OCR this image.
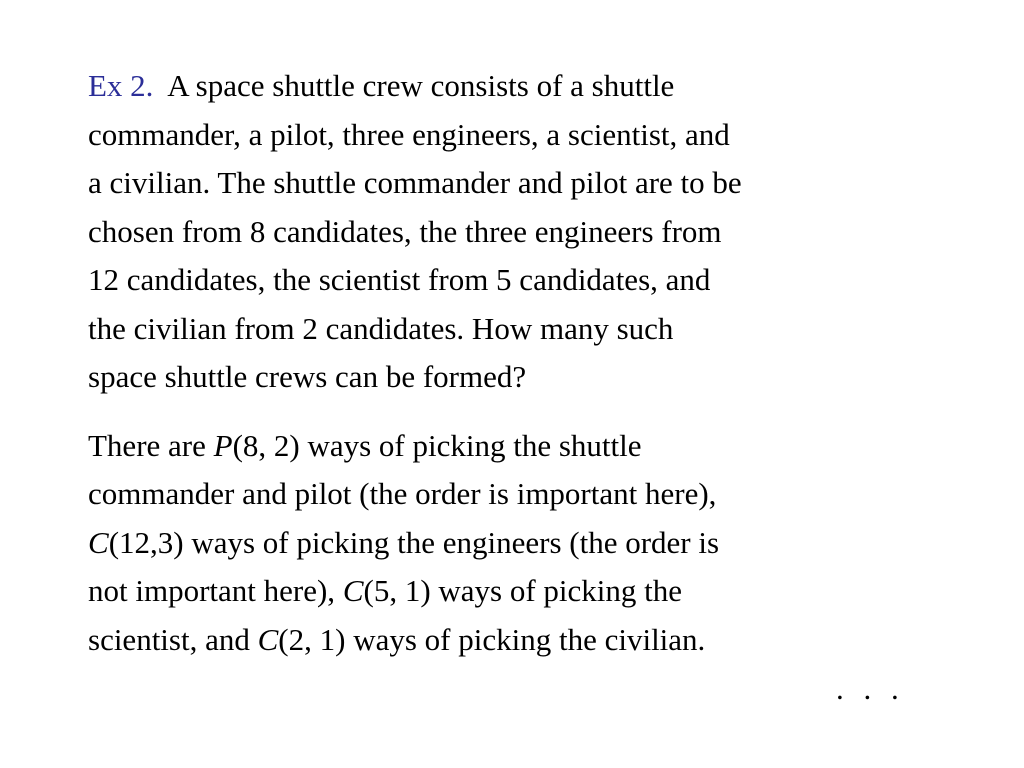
Ex 2. A space shuttle crew consists of a shuttle
commander, a pilot, three engineers, a scientist, and
a civilian. The shuttle commander and pilot are to be
chosen from 8 candidates, the three engineers from
12 candidates, the scientist from 5 candidates, and
the civilian from 2 candidates. How many such
space shuttle crews can be formed?

There are P(8, 2) ways of picking the shuttle
commander and pilot (the order is important here),
C(12,3) ways of picking the engineers (the order is
not important here), C(5, 1) ways of picking the
scientist, and C(2, 1) ways of picking the civilian.

. . .
